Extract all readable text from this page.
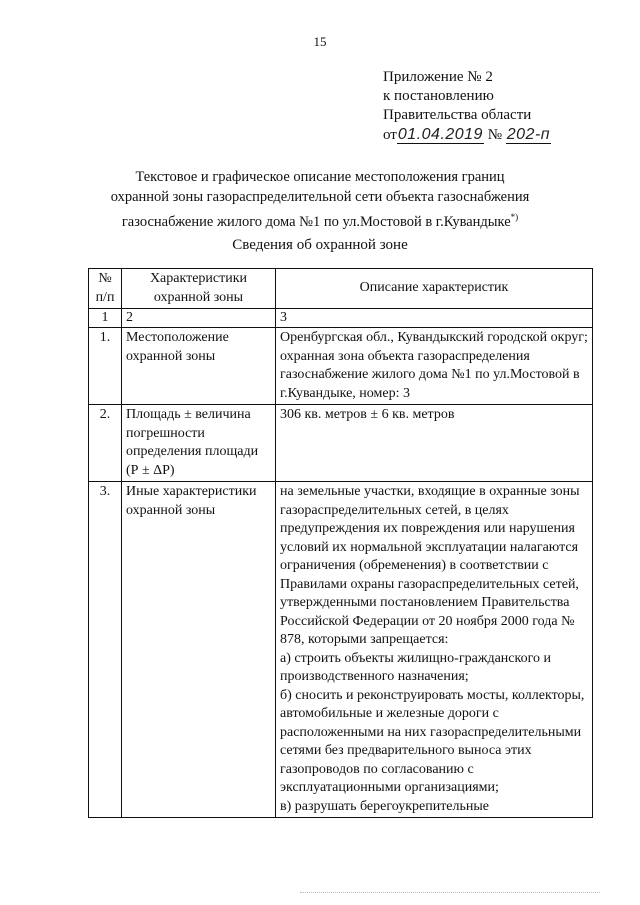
15
Приложение № 2
к постановлению
Правительства области
от01.04.2019 № 202-п
Текстовое и графическое описание местоположения границ
охранной зоны газораспределительной сети объекта газоснабжения
газоснабжение жилого дома №1 по ул.Мостовой в г.Кувандыке*)
Сведения об охранной зоне
№ п/п	Характеристики охранной зоны	Описание характеристик
1	2	3
1.	Местоположение охранной зоны	Оренбургская обл., Кувандыкский городской округ; охранная зона объекта газораспределения газоснабжение жилого дома №1 по ул.Мостовой в г.Кувандыке, номер: 3
2.	Площадь ± величина погрешности определения площади (Р ± ΔР)	306 кв. метров ± 6 кв. метров
3.	Иные характеристики охранной зоны	на земельные участки, входящие в охранные зоны газораспределительных сетей, в целях предупреждения их повреждения или нарушения условий их нормальной эксплуатации налагаются ограничения (обременения) в соответствии с Правилами охраны газораспределительных сетей, утвержденными постановлением Правительства Российской Федерации от 20 ноября 2000 года № 878, которыми запрещается:
а) строить объекты жилищно-гражданского и производственного назначения;
б) сносить и реконструировать мосты, коллекторы, автомобильные и железные дороги с расположенными на них газораспределительными сетями без предварительного выноса этих газопроводов по согласованию с эксплуатационными организациями;
в) разрушать берегоукрепительные
